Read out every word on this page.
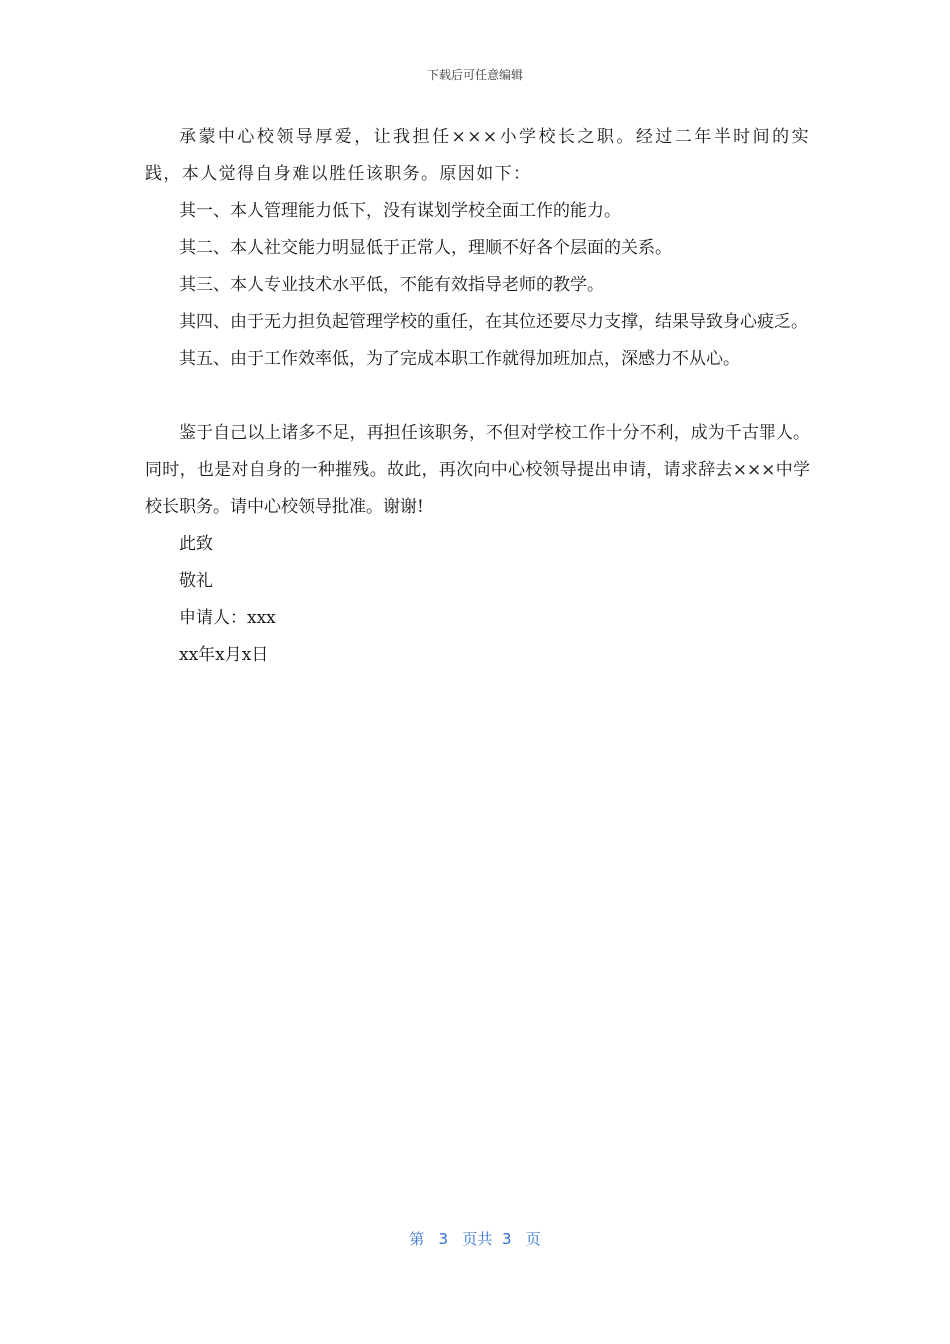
下载后可任意编辑

承蒙中心校领导厚爱，让我担任×××小学校长之职。经过二年半时间的实践，本人觉得自身难以胜任该职务。原因如下：

其一、本人管理能力低下，没有谋划学校全面工作的能力。

其二、本人社交能力明显低于正常人，理顺不好各个层面的关系。

其三、本人专业技术水平低，不能有效指导老师的教学。

其四、由于无力担负起管理学校的重任，在其位还要尽力支撑，结果导致身心疲乏。

其五、由于工作效率低，为了完成本职工作就得加班加点，深感力不从心。

鉴于自己以上诸多不足，再担任该职务，不但对学校工作十分不利，成为千古罪人。同时，也是对自身的一种摧残。故此，再次向中心校领导提出申请，请求辞去×××中学校长职务。请中心校领导批准。谢谢!

此致

敬礼

申请人：xxx

xx年x月x日

第 3 页共 3 页
